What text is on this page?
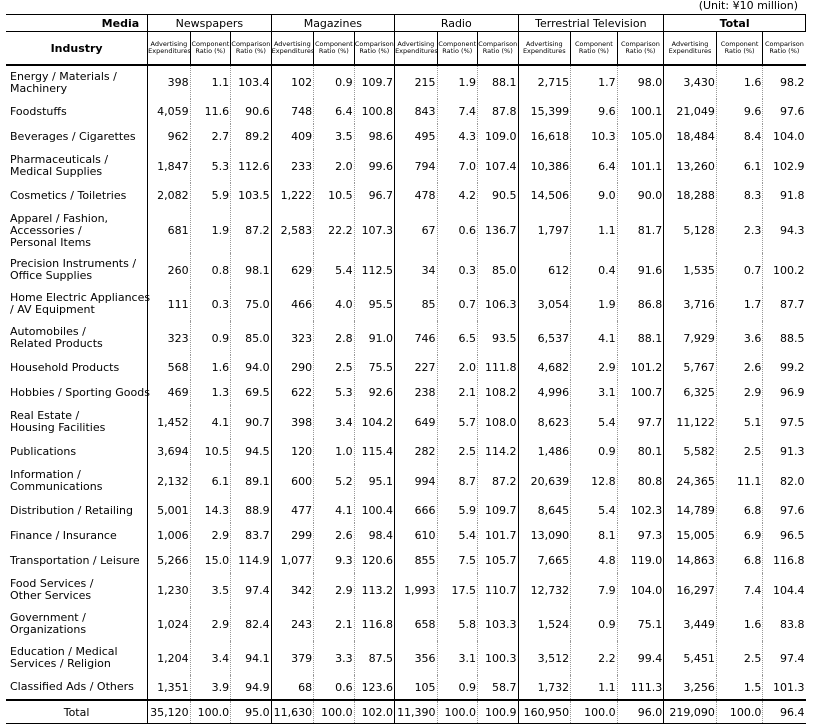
(Unit: ¥10 million)
Media	Newspapers			Magazines			Radio			Terrestrial Television			Total		
Industry	Advertising Expenditures	Component Ratio (%)	Comparison Ratio (%)	Advertising Expenditures	Component Ratio (%)	Comparison Ratio (%)	Advertising Expenditures	Component Ratio (%)	Comparison Ratio (%)	Advertising Expenditures	Component Ratio (%)	Comparison Ratio (%)	Advertising Expenditures	Component Ratio (%)	Comparison Ratio (%)

Energy / Materials /
Machinery	398	1.1	103.4	102	0.9	109.7	215	1.9	88.1	2,715	1.7	98.0	3,430	1.6	98.2

Foodstuffs	4,059	11.6	90.6	748	6.4	100.8	843	7.4	87.8	15,399	9.6	100.1	21,049	9.6	97.6

Beverages / Cigarettes	962	2.7	89.2	409	3.5	98.6	495	4.3	109.0	16,618	10.3	105.0	18,484	8.4	104.0

Pharmaceuticals /
Medical Supplies	1,847	5.3	112.6	233	2.0	99.6	794	7.0	107.4	10,386	6.4	101.1	13,260	6.1	102.9

Cosmetics / Toiletries	2,082	5.9	103.5	1,222	10.5	96.7	478	4.2	90.5	14,506	9.0	90.0	18,288	8.3	91.8

Apparel / Fashion,
Accessories /
Personal Items	681	1.9	87.2	2,583	22.2	107.3	67	0.6	136.7	1,797	1.1	81.7	5,128	2.3	94.3

Precision Instruments /
Office Supplies	260	0.8	98.1	629	5.4	112.5	34	0.3	85.0	612	0.4	91.6	1,535	0.7	100.2

Home Electric Appliances
/ AV Equipment	111	0.3	75.0	466	4.0	95.5	85	0.7	106.3	3,054	1.9	86.8	3,716	1.7	87.7

Automobiles /
Related Products	323	0.9	85.0	323	2.8	91.0	746	6.5	93.5	6,537	4.1	88.1	7,929	3.6	88.5

Household Products	568	1.6	94.0	290	2.5	75.5	227	2.0	111.8	4,682	2.9	101.2	5,767	2.6	99.2

Hobbies / Sporting Goods	469	1.3	69.5	622	5.3	92.6	238	2.1	108.2	4,996	3.1	100.7	6,325	2.9	96.9

Real Estate /
Housing Facilities	1,452	4.1	90.7	398	3.4	104.2	649	5.7	108.0	8,623	5.4	97.7	11,122	5.1	97.5

Publications	3,694	10.5	94.5	120	1.0	115.4	282	2.5	114.2	1,486	0.9	80.1	5,582	2.5	91.3

Information /
Communications	2,132	6.1	89.1	600	5.2	95.1	994	8.7	87.2	20,639	12.8	80.8	24,365	11.1	82.0

Distribution / Retailing	5,001	14.3	88.9	477	4.1	100.4	666	5.9	109.7	8,645	5.4	102.3	14,789	6.8	97.6

Finance / Insurance	1,006	2.9	83.7	299	2.6	98.4	610	5.4	101.7	13,090	8.1	97.3	15,005	6.9	96.5

Transportation / Leisure	5,266	15.0	114.9	1,077	9.3	120.6	855	7.5	105.7	7,665	4.8	119.0	14,863	6.8	116.8

Food Services /
Other Services	1,230	3.5	97.4	342	2.9	113.2	1,993	17.5	110.7	12,732	7.9	104.0	16,297	7.4	104.4

Government /
Organizations	1,024	2.9	82.4	243	2.1	116.8	658	5.8	103.3	1,524	0.9	75.1	3,449	1.6	83.8

Education / Medical
Services / Religion	1,204	3.4	94.1	379	3.3	87.5	356	3.1	100.3	3,512	2.2	99.4	5,451	2.5	97.4

Classified Ads / Others	1,351	3.9	94.9	68	0.6	123.6	105	0.9	58.7	1,732	1.1	111.3	3,256	1.5	101.3
Total	35,120	100.0	95.0	11,630	100.0	102.0	11,390	100.0	100.9	160,950	100.0	96.0	219,090	100.0	96.4
